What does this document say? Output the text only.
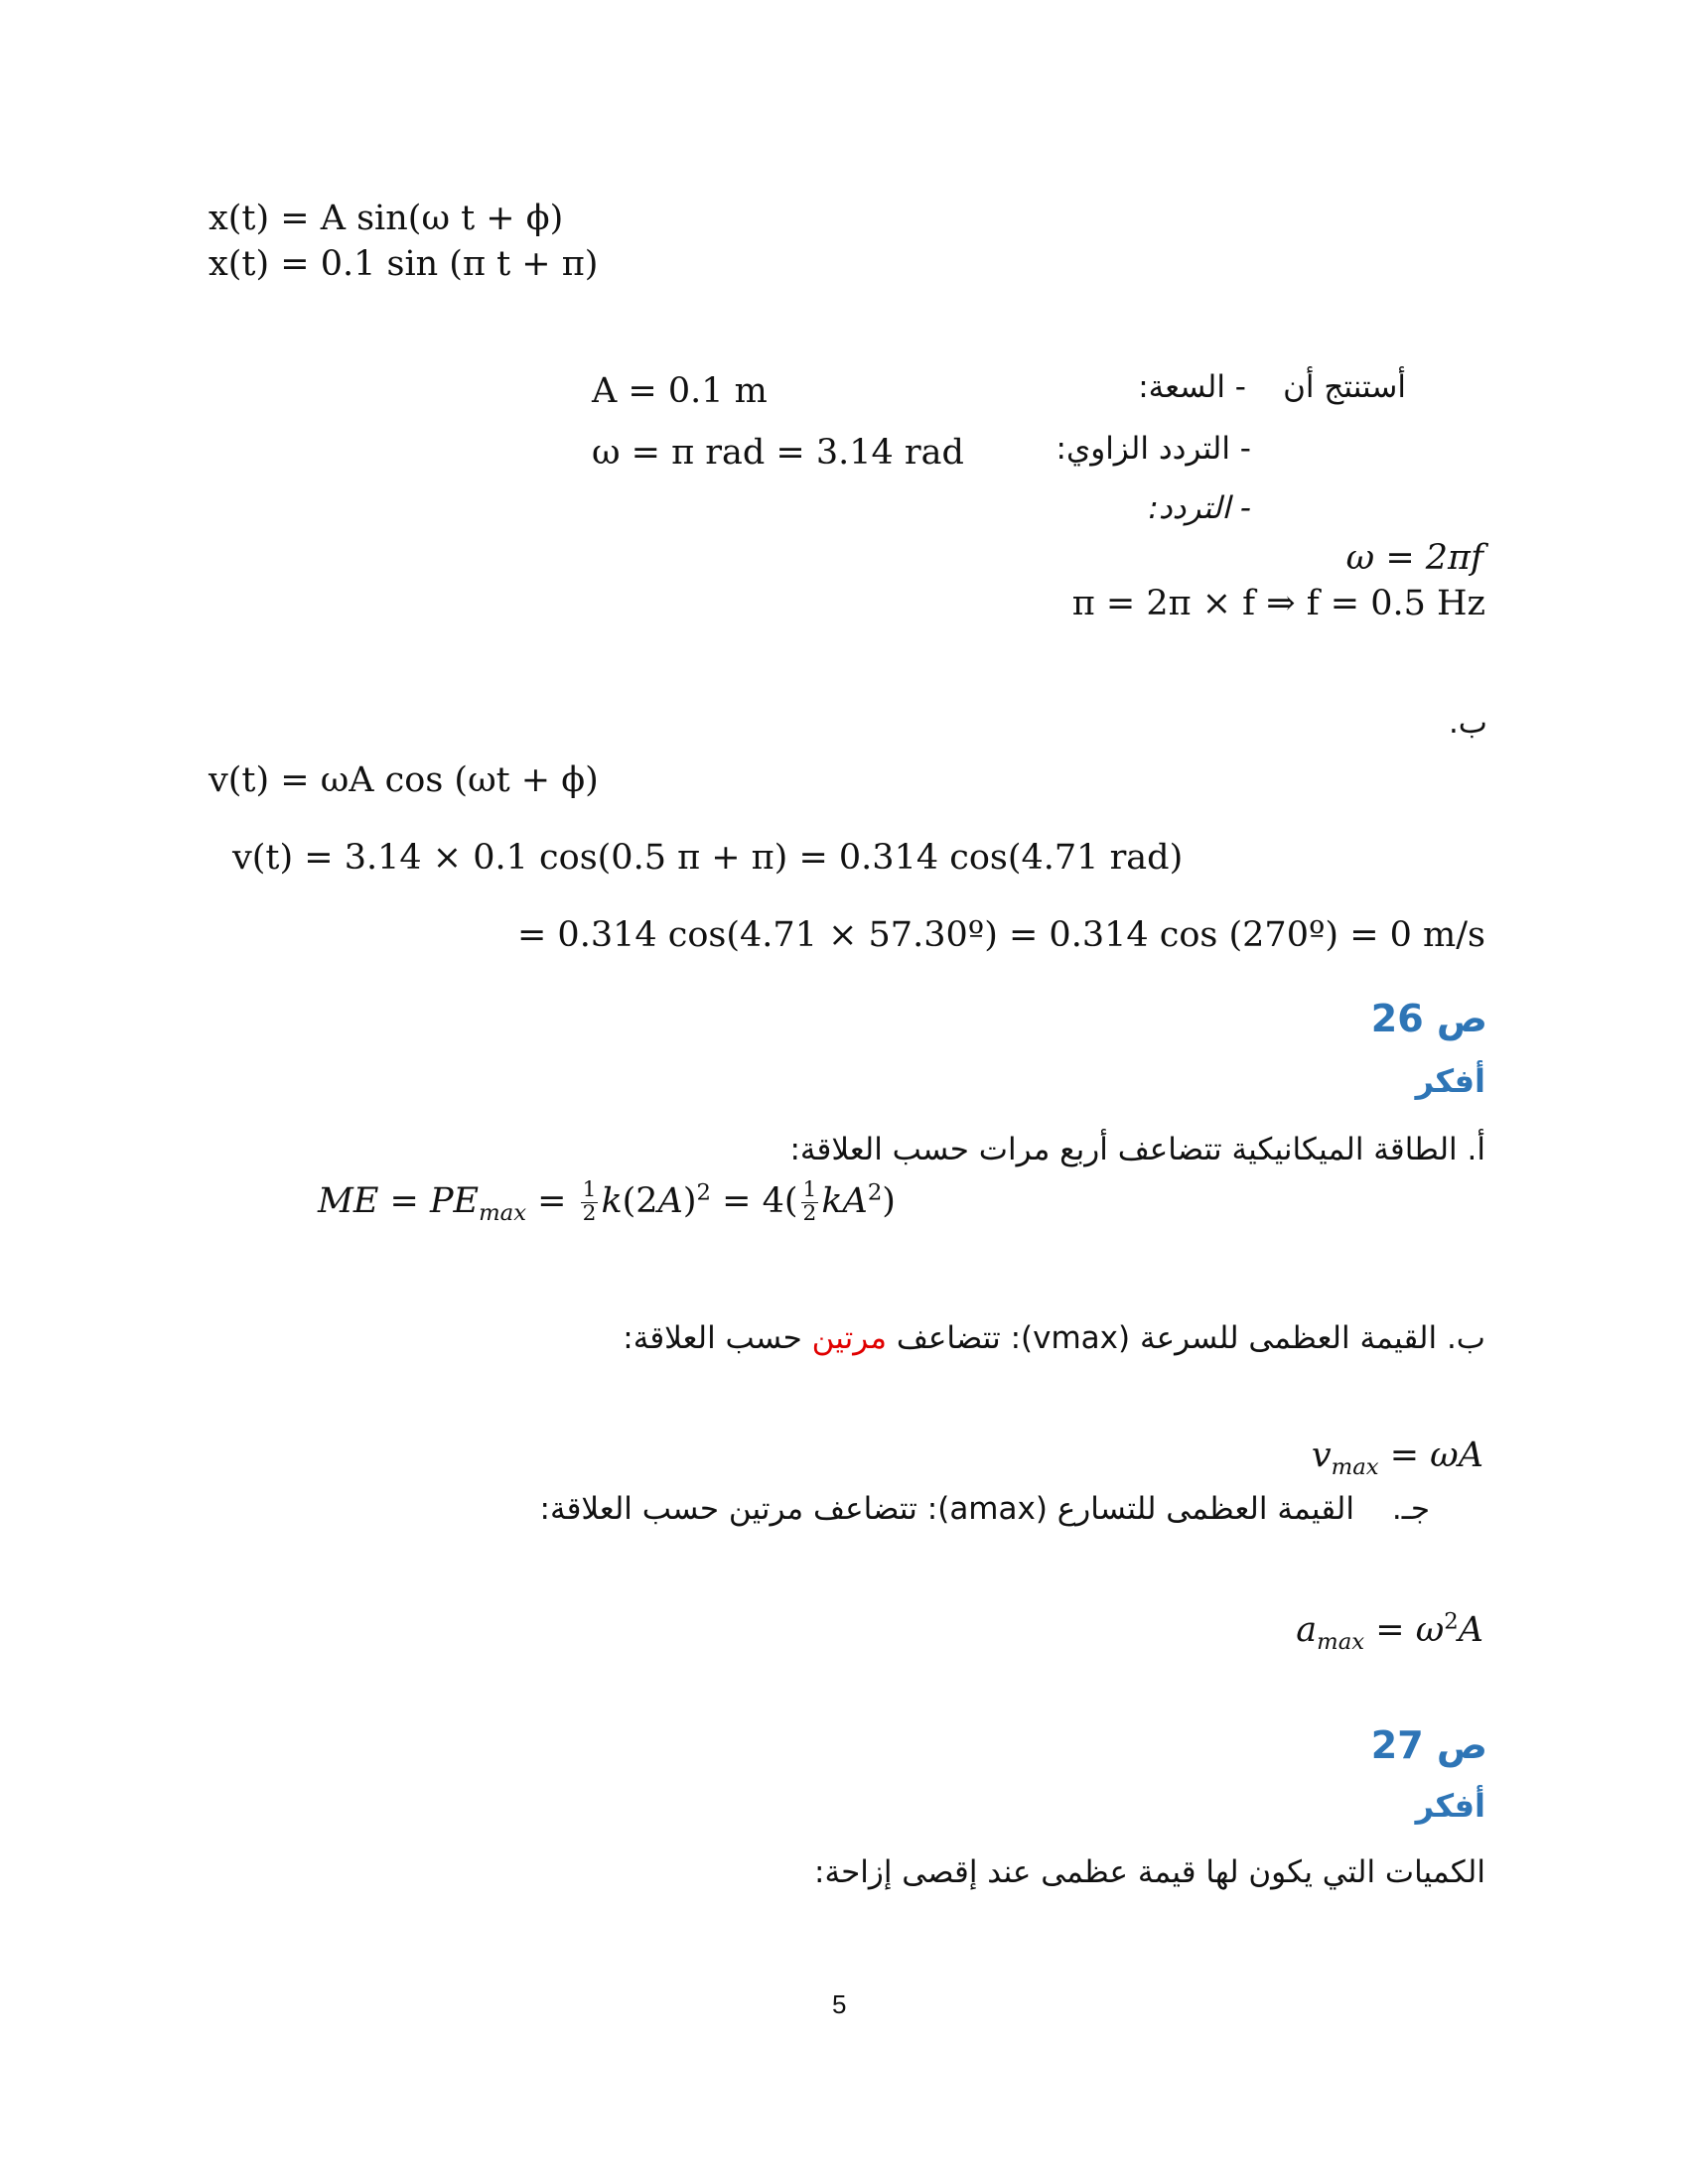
x(t) = A sin(ω t + ϕ)
x(t) = 0.1 sin (π t + π)
أستنتج أن
- السعة:
A = 0.1 m
- التردد الزاوي:
ω = π rad = 3.14 rad
- التردد:
ω = 2πf
π = 2π × f ⇒ f = 0.5 Hz
ب.
v(t) = ωA cos (ωt + ϕ)
v(t) = 3.14 × 0.1 cos(0.5 π + π) = 0.314 cos(4.71 rad)
= 0.314 cos(4.71 × 57.30º) = 0.314 cos (270º) = 0 m/s
ص 26
أفكر
أ. الطاقة الميكانيكية تتضاعف أربع مرات حسب العلاقة:
ME = $PE_{max} = \frac{1}{2} k(2A)^2 = 4( \frac{1}{2} kA^2)$
ب. القيمة العظمى للسرعة (vmax): تتضاعف مرتين حسب العلاقة:
$v_{max} = \omega A$
جـ.
القيمة العظمى للتسارع (amax): تتضاعف مرتين حسب العلاقة:
$a_{max} = \omega^2A$
ص 27
أفكر
الكميات التي يكون لها قيمة عظمى عند إقصى إزاحة:
5
